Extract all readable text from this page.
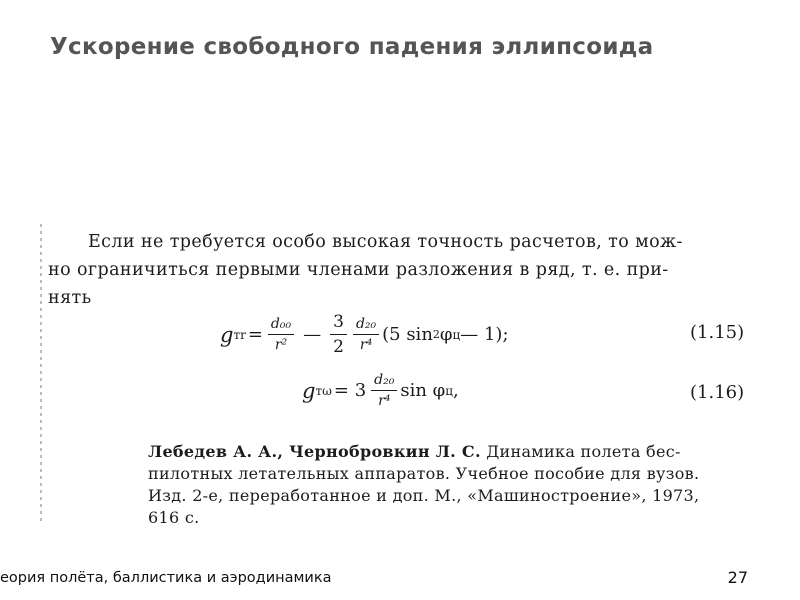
Ускорение свободного падения эллипсоида
Если не требуется особо высокая точность расчетов, то мож-
но ограничиться первыми членами разложения в ряд, т. е. при-
нять
g тr = $\frac{\text{d₀₀}}{\text{r²}}$ — $\frac{3}{2} \frac{\text{d₂₀}}{\text{r⁴}} (5$ sin 2 φ ц — 1);	(1.15)
g $т\omega = 3 \frac{\text{d₂₀}}{\text{r⁴}}$ sin φ ц ,	(1.16)
Лебедев А. А., Чернобровкин Л. С. Динамика полета бес-
пилотных летательных аппаратов. Учебное пособие для вузов.
Изд. 2-е, переработанное и доп. М., «Машиностроение», 1973,
616 с.
еория полёта, баллистика и аэродинамика	27
